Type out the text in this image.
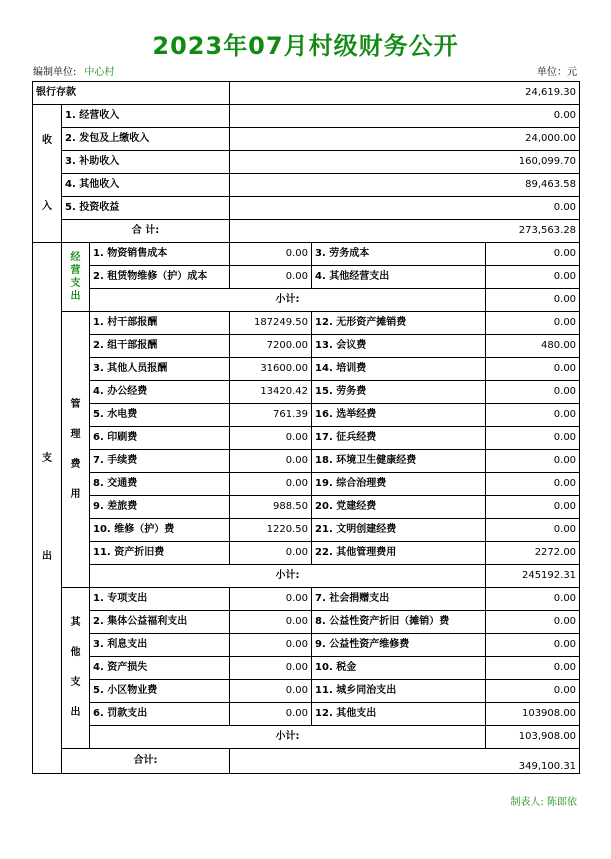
2023年07月村级财务公开
编制单位: 中心村	单位：元
银行存款			24,619.30		
收

入	1. 经营收入		0.00		
	2. 发包及上缴收入		24,000.00		
	3. 补助收入		160,099.70		
	4. 其他收入		89,463.58		
	5. 投资收益		0.00		
	合 计:		273,563.28		
支

出	经营支出	1. 物资销售成本	0.00	3. 劳务成本	0.00
		2. 租赁物维修（护）成本	0.00	4. 其他经营支出	0.00
		小计:			0.00
	管
理
费
用	1. 村干部报酬	187249.50	12. 无形资产摊销费	0.00
		2. 组干部报酬	7200.00	13. 会议费	480.00
		3. 其他人员报酬	31600.00	14. 培训费	0.00
		4. 办公经费	13420.42	15. 劳务费	0.00
		5. 水电费	761.39	16. 选举经费	0.00
		6. 印刷费	0.00	17. 征兵经费	0.00
		7. 手续费	0.00	18. 环境卫生健康经费	0.00
		8. 交通费	0.00	19. 综合治理费	0.00
		9. 差旅费	988.50	20. 党建经费	0.00
		10. 维修（护）费	1220.50	21. 文明创建经费	0.00
		11. 资产折旧费	0.00	22. 其他管理费用	2272.00
		小计:			245192.31
	其
他
支
出	1. 专项支出	0.00	7. 社会捐赠支出	0.00
		2. 集体公益福利支出	0.00	8. 公益性资产折旧（摊销）费	0.00
		3. 利息支出	0.00	9. 公益性资产维修费	0.00
		4. 资产损失	0.00	10. 税金	0.00
		5. 小区物业费	0.00	11. 城乡同治支出	0.00
		6. 罚款支出	0.00	12. 其他支出	103908.00
		小计:			103,908.00
	合计:		349,100.31		
制表人: 陈郎依
